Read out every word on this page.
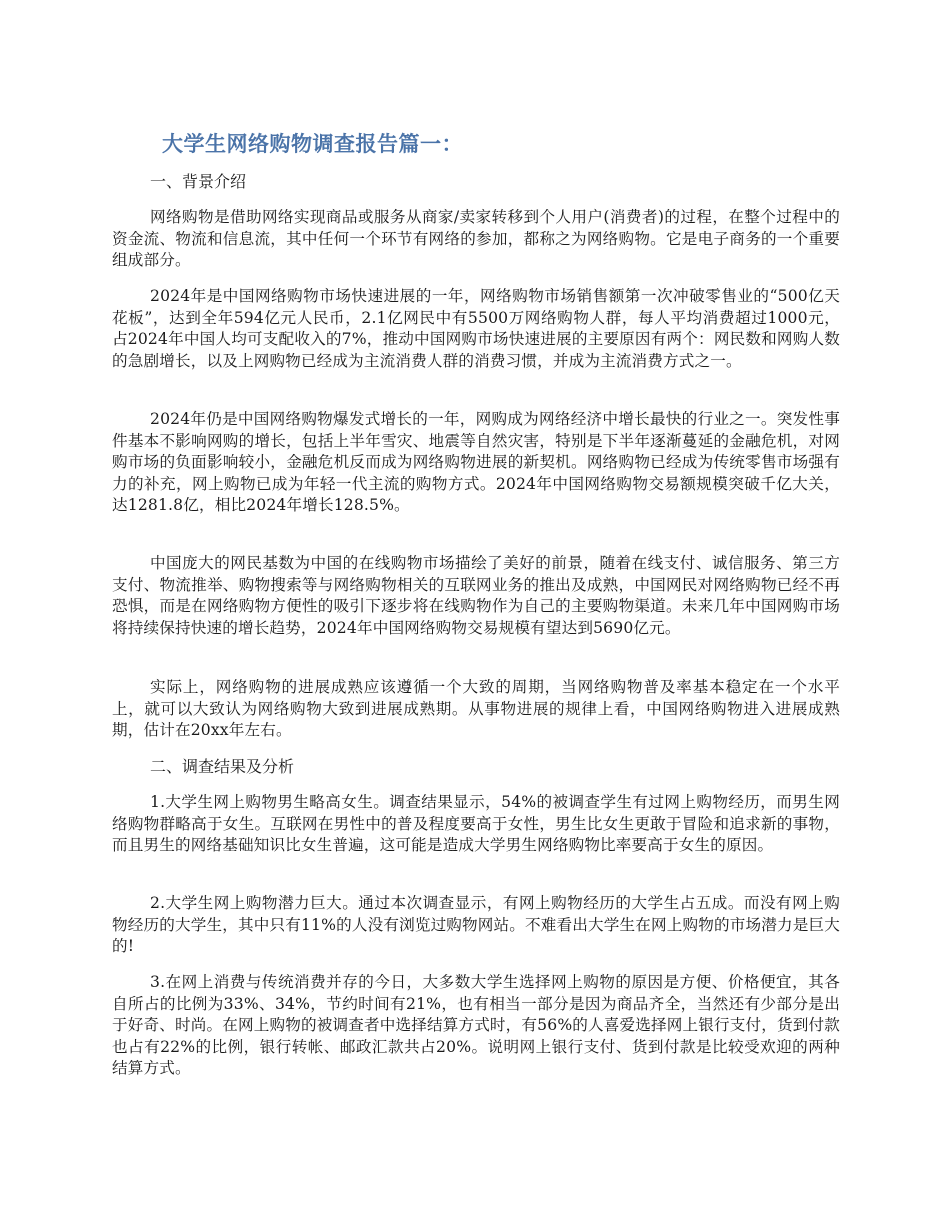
大学生网络购物调查报告篇一：
一、背景介绍

网络购物是借助网络实现商品或服务从商家/卖家转移到个人用户(消费者)的过程，在整个过程中的资金流、物流和信息流，其中任何一个环节有网络的参加，都称之为网络购物。它是电子商务的一个重要组成部分。

2024年是中国网络购物市场快速进展的一年，网络购物市场销售额第一次冲破零售业的“500亿天花板”，达到全年594亿元人民币，2.1亿网民中有5500万网络购物人群，每人平均消费超过1000元， 占2024年中国人均可支配收入的7%，推动中国网购市场快速进展的主要原因有两个：网民数和网购人数的急剧增长，以及上网购物已经成为主流消费人群的消费习惯，并成为主流消费方式之一。

2024年仍是中国网络购物爆发式增长的一年，网购成为网络经济中增长最快的行业之一。突发性事件基本不影响网购的增长，包括上半年雪灾、地震等自然灾害，特别是下半年逐渐蔓延的金融危机，对网购市场的负面影响较小，金融危机反而成为网络购物进展的新契机。网络购物已经成为传统零售市场强有力的补充，网上购物已成为年轻一代主流的购物方式。2024年中国网络购物交易额规模突破千亿大关，达1281.8亿，相比2024年增长128.5%。

中国庞大的网民基数为中国的在线购物市场描绘了美好的前景，随着在线支付、诚信服务、第三方支付、物流推举、购物搜索等与网络购物相关的互联网业务的推出及成熟，中国网民对网络购物已经不再恐惧，而是在网络购物方便性的吸引下逐步将在线购物作为自己的主要购物渠道。未来几年中国网购市场将持续保持快速的增长趋势，2024年中国网络购物交易规模有望达到5690亿元。

实际上，网络购物的进展成熟应该遵循一个大致的周期，当网络购物普及率基本稳定在一个水平上，就可以大致认为网络购物大致到进展成熟期。从事物进展的规律上看，中国网络购物进入进展成熟期，估计在20xx年左右。

二、调查结果及分析

1.大学生网上购物男生略高女生。调查结果显示，54%的被调查学生有过网上购物经历，而男生网络购物群略高于女生。互联网在男性中的普及程度要高于女性，男生比女生更敢于冒险和追求新的事物，而且男生的网络基础知识比女生普遍，这可能是造成大学男生网络购物比率要高于女生的原因。

2.大学生网上购物潜力巨大。通过本次调查显示，有网上购物经历的大学生占五成。而没有网上购物经历的大学生，其中只有11%的人没有浏览过购物网站。不难看出大学生在网上购物的市场潜力是巨大的!

3.在网上消费与传统消费并存的今日，大多数大学生选择网上购物的原因是方便、价格便宜，其各自所占的比例为33%、34%，节约时间有21%，也有相当一部分是因为商品齐全，当然还有少部分是出于好奇、时尚。在网上购物的被调查者中选择结算方式时，有56%的人喜爱选择网上银行支付，货到付款也占有22%的比例，银行转帐、邮政汇款共占20%。说明网上银行支付、货到付款是比较受欢迎的两种结算方式。
